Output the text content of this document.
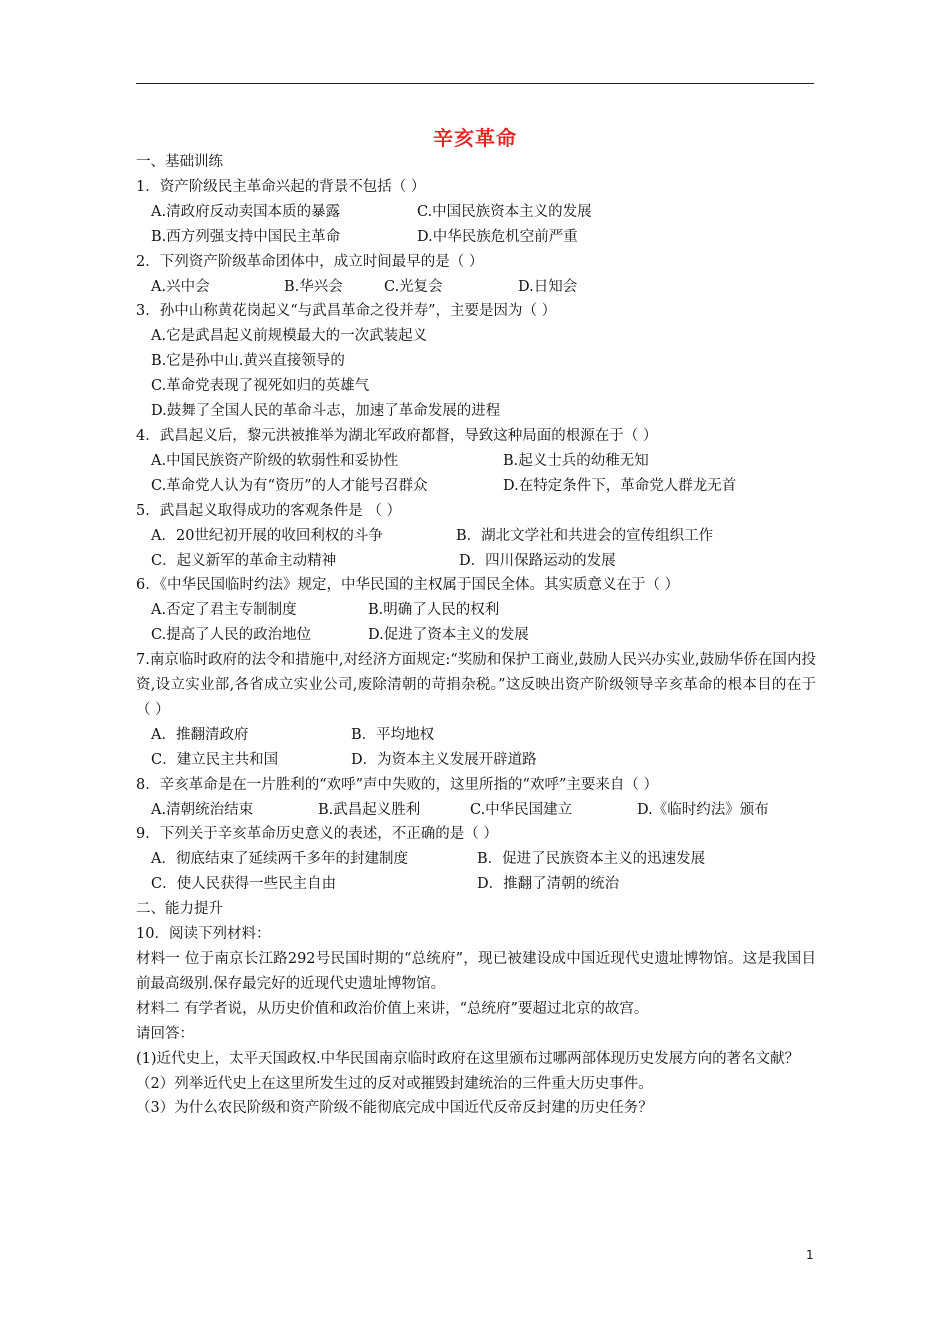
辛亥革命

一、基础训练

1．资产阶级民主革命兴起的背景不包括（ ）

A.清政府反动卖国本质的暴露	C.中国民族资本主义的发展
B.西方列强支持中国民主革命	D.中华民族危机空前严重

2．下列资产阶级革命团体中，成立时间最早的是（ ）

A.兴中会	B.华兴会	C.光复会	D.日知会

3．孙中山称黄花岗起义“与武昌革命之役并寿”，主要是因为（ ）

A.它是武昌起义前规模最大的一次武装起义

B.它是孙中山.黄兴直接领导的

C.革命党表现了视死如归的英雄气

D.鼓舞了全国人民的革命斗志，加速了革命发展的进程

4．武昌起义后，黎元洪被推举为湖北军政府都督，导致这种局面的根源在于（ ）

A.中国民族资产阶级的软弱性和妥协性	B.起义士兵的幼稚无知
C.革命党人认为有“资历”的人才能号召群众	D.在特定条件下，革命党人群龙无首

5．武昌起义取得成功的客观条件是 （ ）

A．20世纪初开展的收回利权的斗争	B．湖北文学社和共进会的宣传组织工作
C．起义新军的革命主动精神	D．四川保路运动的发展

6．《中华民国临时约法》规定，中华民国的主权属于国民全体。其实质意义在于（ ）

A.否定了君主专制制度	B.明确了人民的权利
C.提高了人民的政治地位	D.促进了资本主义的发展

7.南京临时政府的法令和措施中,对经济方面规定:“奖励和保护工商业,鼓励人民兴办实业,鼓励华侨在国内投资,设立实业部,各省成立实业公司,废除清朝的苛捐杂税。”这反映出资产阶级领导辛亥革命的根本目的在于 （ ）

A．推翻清政府	B．平均地权
C．建立民主共和国	D．为资本主义发展开辟道路

8．辛亥革命是在一片胜利的“欢呼”声中失败的，这里所指的“欢呼”主要来自（ ）

A.清朝统治结束	B.武昌起义胜利	C.中华民国建立	D.《临时约法》颁布

9．下列关于辛亥革命历史意义的表述，不正确的是（ ）

A．彻底结束了延续两千多年的封建制度	B．促进了民族资本主义的迅速发展
C．使人民获得一些民主自由	D．推翻了清朝的统治

二、能力提升

10．阅读下列材料：

材料一 位于南京长江路292号民国时期的“总统府”，现已被建设成中国近现代史遗址博物馆。这是我国目前最高级别.保存最完好的近现代史遗址博物馆。

材料二 有学者说，从历史价值和政治价值上来讲，“总统府”要超过北京的故宫。

请回答：

(1)近代史上，太平天国政权.中华民国南京临时政府在这里颁布过哪两部体现历史发展方向的著名文献？

（2）列举近代史上在这里所发生过的反对或摧毁封建统治的三件重大历史事件。

（3）为什么农民阶级和资产阶级不能彻底完成中国近代反帝反封建的历史任务？

1
